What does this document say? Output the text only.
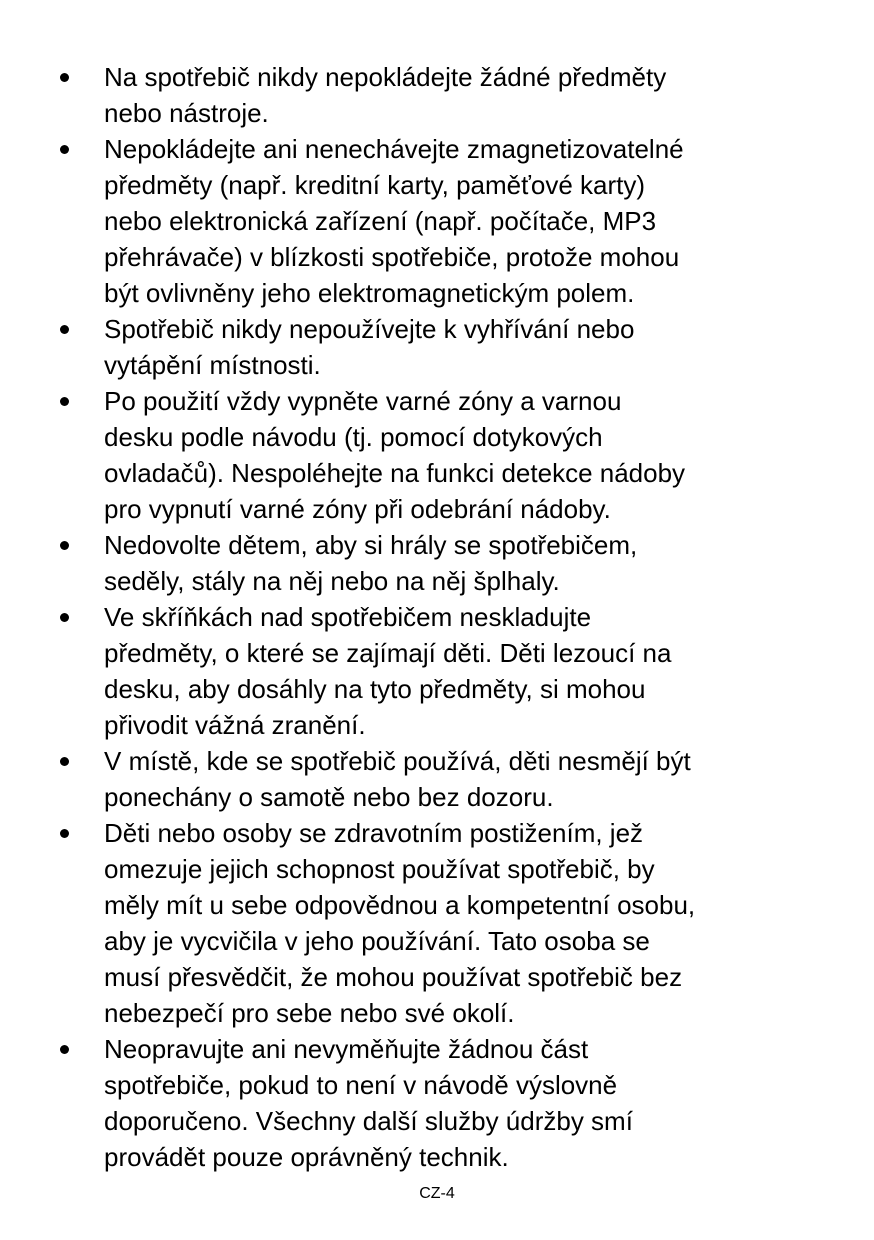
Na spotřebič nikdy nepokládejte žádné předměty
nebo nástroje.
Nepokládejte ani nenechávejte zmagnetizovatelné
předměty (např. kreditní karty, paměťové karty)
nebo elektronická zařízení (např. počítače, MP3
přehrávače) v blízkosti spotřebiče, protože mohou
být ovlivněny jeho elektromagnetickým polem.
Spotřebič nikdy nepoužívejte k vyhřívání nebo
vytápění místnosti.
Po použití vždy vypněte varné zóny a varnou
desku podle návodu (tj. pomocí dotykových
ovladačů). Nespoléhejte na funkci detekce nádoby
pro vypnutí varné zóny při odebrání nádoby.
Nedovolte dětem, aby si hrály se spotřebičem,
seděly, stály na něj nebo na něj šplhaly.
Ve skříňkách nad spotřebičem neskladujte
předměty, o které se zajímají děti. Děti lezoucí na
desku, aby dosáhly na tyto předměty, si mohou
přivodit vážná zranění.
V místě, kde se spotřebič používá, děti nesmějí být
ponechány o samotě nebo bez dozoru.
Děti nebo osoby se zdravotním postižením, jež
omezuje jejich schopnost používat spotřebič, by
měly mít u sebe odpovědnou a kompetentní osobu,
aby je vycvičila v jeho používání. Tato osoba se
musí přesvědčit, že mohou používat spotřebič bez
nebezpečí pro sebe nebo své okolí.
Neopravujte ani nevyměňujte žádnou část
spotřebiče, pokud to není v návodě výslovně
doporučeno. Všechny další služby údržby smí
provádět pouze oprávněný technik.
CZ-4
